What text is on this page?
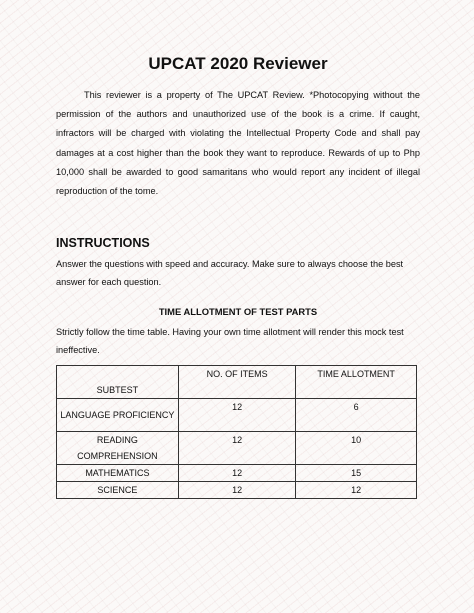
UPCAT 2020 Reviewer

This reviewer is a property of The UPCAT Review. *Photocopying without the permission of the authors and unauthorized use of the book is a crime. If caught, infractors will be charged with violating the Intellectual Property Code and shall pay damages at a cost higher than the book they want to reproduce. Rewards of up to Php 10,000 shall be awarded to good samaritans who would report any incident of illegal reproduction of the tome.

INSTRUCTIONS

Answer the questions with speed and accuracy. Make sure to always choose the best answer for each question.

TIME ALLOTMENT OF TEST PARTS

Strictly follow the time table. Having your own time allotment will render this mock test ineffective.

SUBTEST	NO. OF ITEMS	TIME ALLOTMENT
LANGUAGE PROFICIENCY	12	6
READING COMPREHENSION	12	10
MATHEMATICS	12	15
SCIENCE	12	12
